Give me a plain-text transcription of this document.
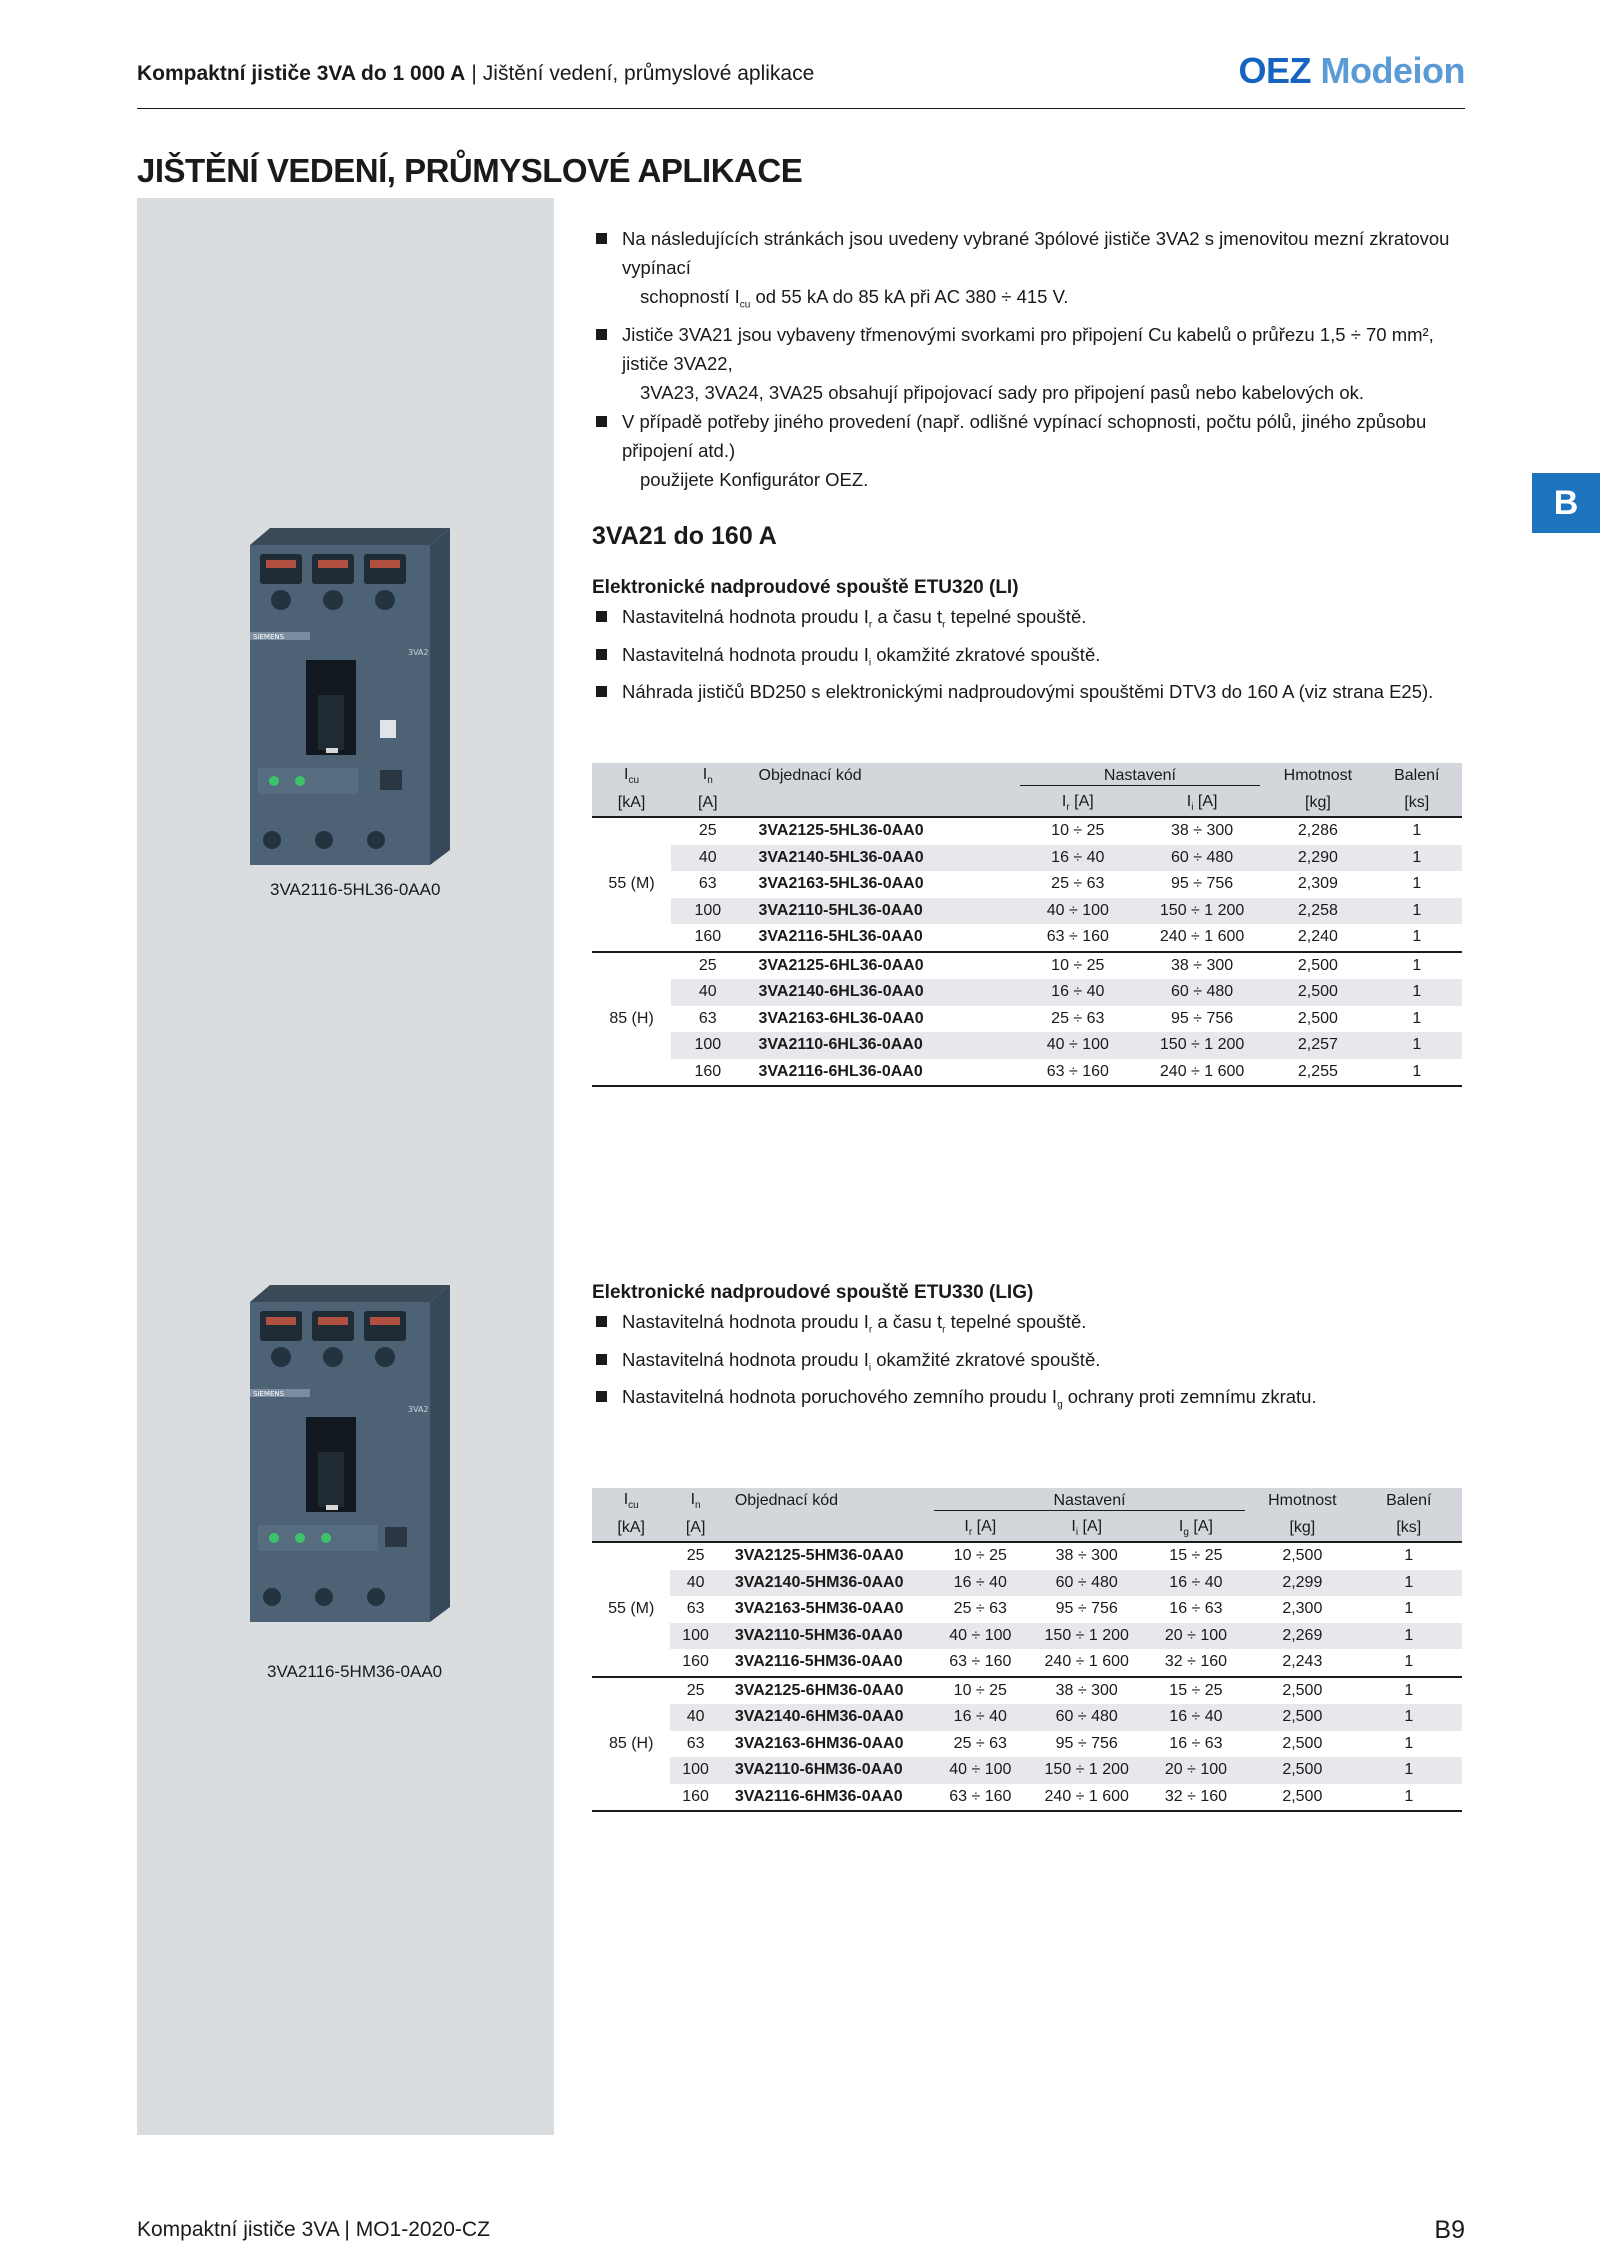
Kompaktní jističe 3VA do 1 000 A | Jištění vedení, průmyslové aplikace	OEZ Modeion
JIŠTĚNÍ VEDENÍ, PRŮMYSLOVÉ APLIKACE
B
Na následujících stránkách jsou uvedeny vybrané 3pólové jističe 3VA2 s jmenovitou mezní zkratovou vypínací
schopností $I_{cu}$ od 55 kA do 85 kA při AC 380 ÷ 415 V.
Jističe 3VA21 jsou vybaveny třmenovými svorkami pro připojení Cu kabelů o průřezu 1,5 ÷ 70 mm², jističe 3VA22,
3VA23, 3VA24, 3VA25 obsahují připojovací sady pro připojení pasů nebo kabelových ok.
V případě potřeby jiného provedení (např. odlišné vypínací schopnosti, počtu pólů, jiného způsobu připojení atd.)
použijete Konfigurátor OEZ.
3VA21 do 160 A
SIEMENS
3VA2
3VA2116-5HL36-0AA0
Elektronické nadproudové spouště ETU320 (LI)
Nastavitelná hodnota proudu $I_r$ a času $t_r$ tepelné spouště.
Nastavitelná hodnota proudu $I_i$ okamžité zkratové spouště.
Náhrada jističů BD250 s elektronickými nadproudovými spouštěmi DTV3 do 160 A (viz strana E25).
$I_{cu}$	$I_n$	Objednací kód	Nastavení		Hmotnost	Balení
[kA]	[A]		$I_r$ [A]	$I_i$ [A]	[kg]	[ks]
55 (M)	25	3VA2125-5HL36-0AA0	10 ÷ 25	38 ÷ 300	2,286	1
	40	3VA2140-5HL36-0AA0	16 ÷ 40	60 ÷ 480	2,290	1
	63	3VA2163-5HL36-0AA0	25 ÷ 63	95 ÷ 756	2,309	1
	100	3VA2110-5HL36-0AA0	40 ÷ 100	150 ÷ 1 200	2,258	1
	160	3VA2116-5HL36-0AA0	63 ÷ 160	240 ÷ 1 600	2,240	1
85 (H)	25	3VA2125-6HL36-0AA0	10 ÷ 25	38 ÷ 300	2,500	1
	40	3VA2140-6HL36-0AA0	16 ÷ 40	60 ÷ 480	2,500	1
	63	3VA2163-6HL36-0AA0	25 ÷ 63	95 ÷ 756	2,500	1
	100	3VA2110-6HL36-0AA0	40 ÷ 100	150 ÷ 1 200	2,257	1
	160	3VA2116-6HL36-0AA0	63 ÷ 160	240 ÷ 1 600	2,255	1
SIEMENS
3VA2
3VA2116-5HM36-0AA0
Elektronické nadproudové spouště ETU330 (LIG)
Nastavitelná hodnota proudu $I_r$ a času $t_r$ tepelné spouště.
Nastavitelná hodnota proudu $I_i$ okamžité zkratové spouště.
Nastavitelná hodnota poruchového zemního proudu $I_g$ ochrany proti zemnímu zkratu.
$I_{cu}$	$I_n$	Objednací kód	Nastavení			Hmotnost	Balení
[kA]	[A]		$I_r$ [A]	$I_i$ [A]	$I_g$ [A]	[kg]	[ks]
55 (M)	25	3VA2125-5HM36-0AA0	10 ÷ 25	38 ÷ 300	15 ÷ 25	2,500	1
	40	3VA2140-5HM36-0AA0	16 ÷ 40	60 ÷ 480	16 ÷ 40	2,299	1
	63	3VA2163-5HM36-0AA0	25 ÷ 63	95 ÷ 756	16 ÷ 63	2,300	1
	100	3VA2110-5HM36-0AA0	40 ÷ 100	150 ÷ 1 200	20 ÷ 100	2,269	1
	160	3VA2116-5HM36-0AA0	63 ÷ 160	240 ÷ 1 600	32 ÷ 160	2,243	1
85 (H)	25	3VA2125-6HM36-0AA0	10 ÷ 25	38 ÷ 300	15 ÷ 25	2,500	1
	40	3VA2140-6HM36-0AA0	16 ÷ 40	60 ÷ 480	16 ÷ 40	2,500	1
	63	3VA2163-6HM36-0AA0	25 ÷ 63	95 ÷ 756	16 ÷ 63	2,500	1
	100	3VA2110-6HM36-0AA0	40 ÷ 100	150 ÷ 1 200	20 ÷ 100	2,500	1
	160	3VA2116-6HM36-0AA0	63 ÷ 160	240 ÷ 1 600	32 ÷ 160	2,500	1
Kompaktní jističe 3VA | MO1-2020-CZ	B9
